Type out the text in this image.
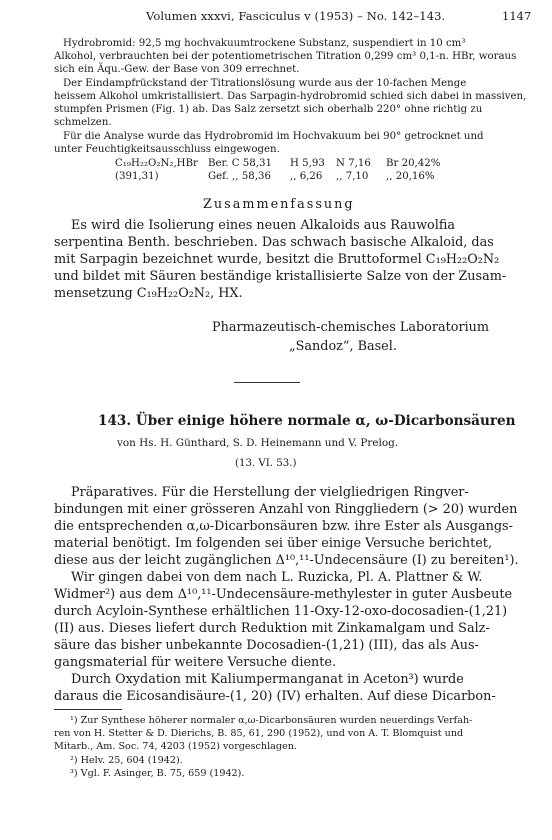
Volumen xxxvi, Fasciculus v (1953) – No. 142–143.	1147
Hydrobromid: 92,5 mg hochvakuumtrockene Substanz, suspendiert in 10 cm³
Alkohol, verbrauchten bei der potentiometrischen Titration 0,299 cm³ 0,1-n. HBr, woraus
sich ein Äqu.-Gew. der Base von 309 errechnet.
Der Eindampfrückstand der Titrationslösung wurde aus der 10-fachen Menge
heissem Alkohol umkristallisiert. Das Sarpagin-hydrobromid schied sich dabei in massiven,
stumpfen Prismen (Fig. 1) ab. Das Salz zersetzt sich oberhalb 220° ohne richtig zu
schmelzen.
Für die Analyse wurde das Hydrobromid im Hochvakuum bei 90° getrocknet und
unter Feuchtigkeitsausschluss eingewogen.
C₁₉H₂₂O₂N₂,HBr Ber. C 58,31 H 5,93 N 7,16 Br 20,42%
(391,31)	Gef. ,, 58,36 ,, 6,26 ,, 7,10 ,, 20,16%
Zusammenfassung
Es wird die Isolierung eines neuen Alkaloids aus Rauwolfia
serpentina Benth. beschrieben. Das schwach basische Alkaloid, das
mit Sarpagin bezeichnet wurde, besitzt die Bruttoformel C₁₉H₂₂O₂N₂
und bildet mit Säuren beständige kristallisierte Salze von der Zusam-
mensetzung C₁₉H₂₂O₂N₂, HX.
Pharmazeutisch-chemisches Laboratorium
„Sandoz“, Basel.
143. Über einige höhere normale α, ω-Dicarbonsäuren
von Hs. H. Günthard, S. D. Heinemann und V. Prelog.
(13. VI. 53.)
Präparatives. Für die Herstellung der vielgliedrigen Ringver-
bindungen mit einer grösseren Anzahl von Ringgliedern (> 20) wurden
die entsprechenden α,ω-Dicarbonsäuren bzw. ihre Ester als Ausgangs-
material benötigt. Im folgenden sei über einige Versuche berichtet,
diese aus der leicht zugänglichen Δ¹⁰,¹¹-Undecensäure (I) zu bereiten¹).
Wir gingen dabei von dem nach L. Ruzicka, Pl. A. Plattner & W.
Widmer²) aus dem Δ¹⁰,¹¹-Undecensäure-methylester in guter Ausbeute
durch Acyloin-Synthese erhältlichen 11-Oxy-12-oxo-docosadien-(1,21)
(II) aus. Dieses liefert durch Reduktion mit Zinkamalgam und Salz-
säure das bisher unbekannte Docosadien-(1,21) (III), das als Aus-
gangsmaterial für weitere Versuche diente.
Durch Oxydation mit Kaliumpermanganat in Aceton³) wurde
daraus die Eicosandisäure-(1, 20) (IV) erhalten. Auf diese Dicarbon-
¹) Zur Synthese höherer normaler α,ω-Dicarbonsäuren wurden neuerdings Verfah-
ren von H. Stetter & D. Dierichs, B. 85, 61, 290 (1952), und von A. T. Blomquist und
Mitarb., Am. Soc. 74, 4203 (1952) vorgeschlagen.
²) Helv. 25, 604 (1942).
³) Vgl. F. Asinger, B. 75, 659 (1942).
